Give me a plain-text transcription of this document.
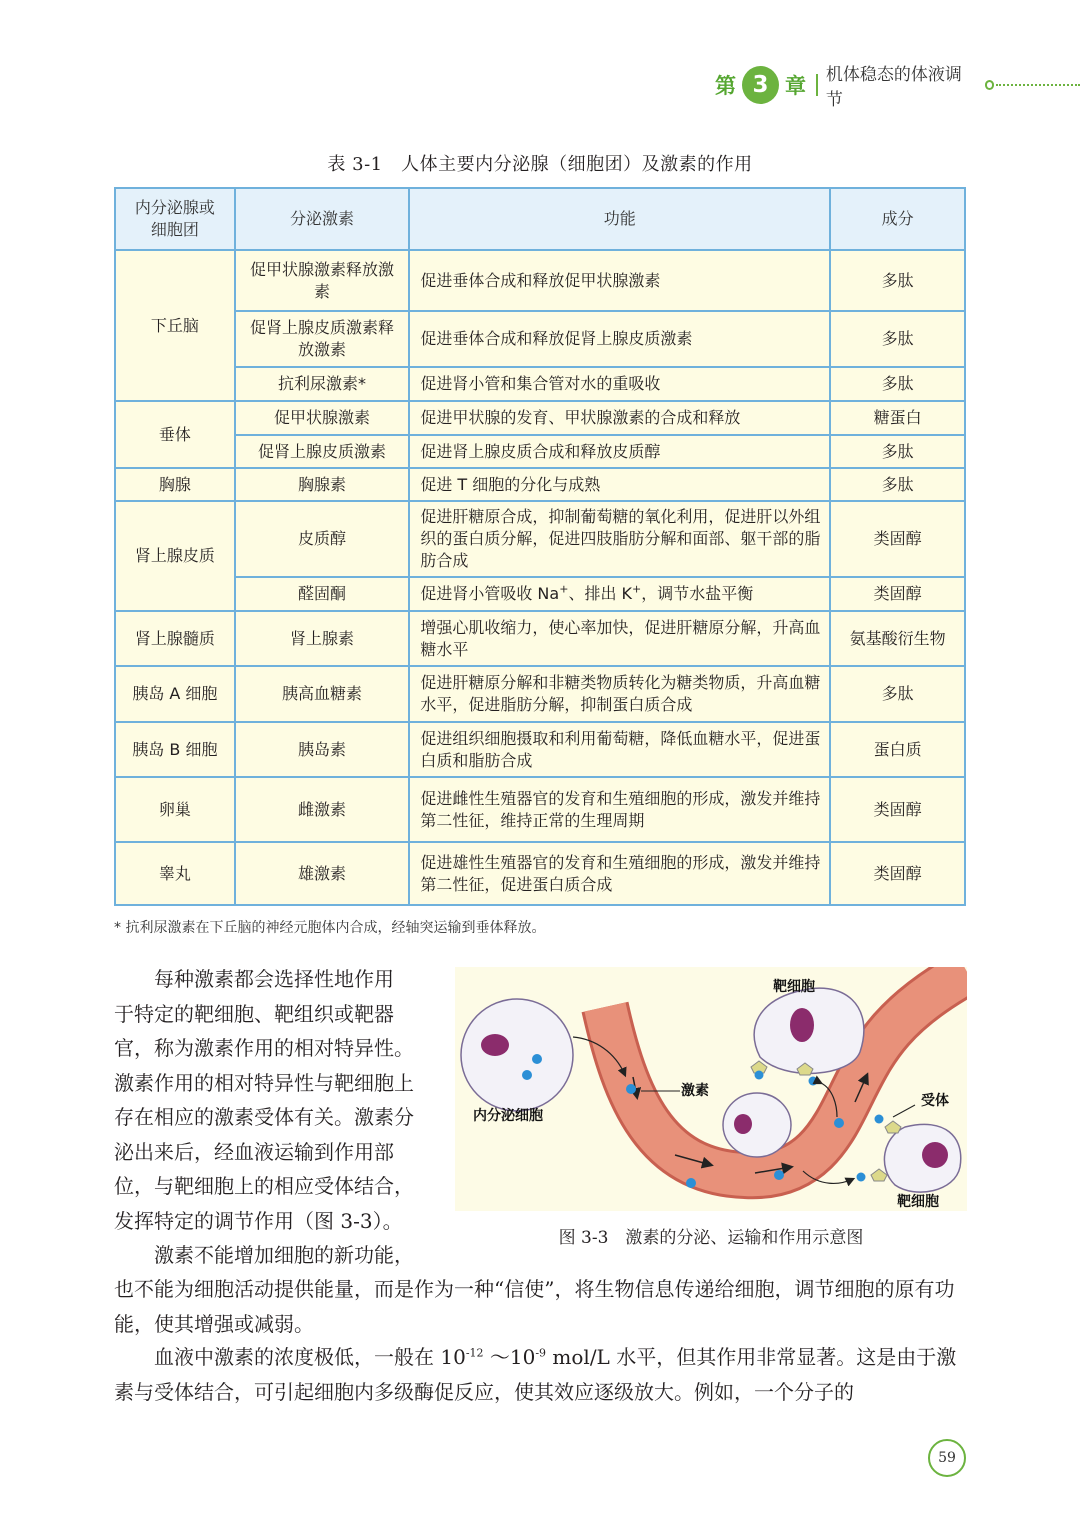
第 3 章 机体稳态的体液调节
表 3-1　人体主要内分泌腺（细胞团）及激素的作用
内分泌腺或细胞团	分泌激素	功能	成分
下丘脑	促甲状腺激素释放激素	促进垂体合成和释放促甲状腺激素	多肽
	促肾上腺皮质激素释放激素	促进垂体合成和释放促肾上腺皮质激素	多肽
	抗利尿激素*	促进肾小管和集合管对水的重吸收	多肽
垂体	促甲状腺激素	促进甲状腺的发育、甲状腺激素的合成和释放	糖蛋白
	促肾上腺皮质激素	促进肾上腺皮质合成和释放皮质醇	多肽
胸腺	胸腺素	促进 T 细胞的分化与成熟	多肽
肾上腺皮质	皮质醇	促进肝糖原合成，抑制葡萄糖的氧化利用，促进肝以外组织的蛋白质分解，促进四肢脂肪分解和面部、躯干部的脂肪合成	类固醇
	醛固酮	促进肾小管吸收 Na+、排出 K+，调节水盐平衡	类固醇
肾上腺髓质	肾上腺素	增强心肌收缩力，使心率加快，促进肝糖原分解，升高血糖水平	氨基酸衍生物
胰岛 A 细胞	胰高血糖素	促进肝糖原分解和非糖类物质转化为糖类物质，升高血糖水平，促进脂肪分解，抑制蛋白质合成	多肽
胰岛 B 细胞	胰岛素	促进组织细胞摄取和利用葡萄糖，降低血糖水平，促进蛋白质和脂肪合成	蛋白质
卵巢	雌激素	促进雌性生殖器官的发育和生殖细胞的形成，激发并维持第二性征，维持正常的生理周期	类固醇
睾丸	雄激素	促进雄性生殖器官的发育和生殖细胞的形成，激发并维持第二性征，促进蛋白质合成	类固醇
* 抗利尿激素在下丘脑的神经元胞体内合成，经轴突运输到垂体释放。
每种激素都会选择性地作用
于特定的靶细胞、靶组织或靶器
官，称为激素作用的相对特异性。
激素作用的相对特异性与靶细胞上
存在相应的激素受体有关。激素分
泌出来后，经血液运输到作用部
位，与靶细胞上的相应受体结合，
发挥特定的调节作用（图 3-3）。
激素不能增加细胞的新功能，
也不能为细胞活动提供能量，而是作为一种“信使”，将生物信息传递给细胞，调节细胞的原有功能，使其增强或减弱。
血液中激素的浓度极低，一般在 $10^{-12}$ $\sim 10^{-9}$ mol/L 水平，但其作用非常显著。这是由于激素与受体结合，可引起细胞内多级酶促反应，使其效应逐级放大。例如，一个分子的
靶细胞
激素
内分泌细胞
受体
靶细胞
图 3-3　激素的分泌、运输和作用示意图
59
